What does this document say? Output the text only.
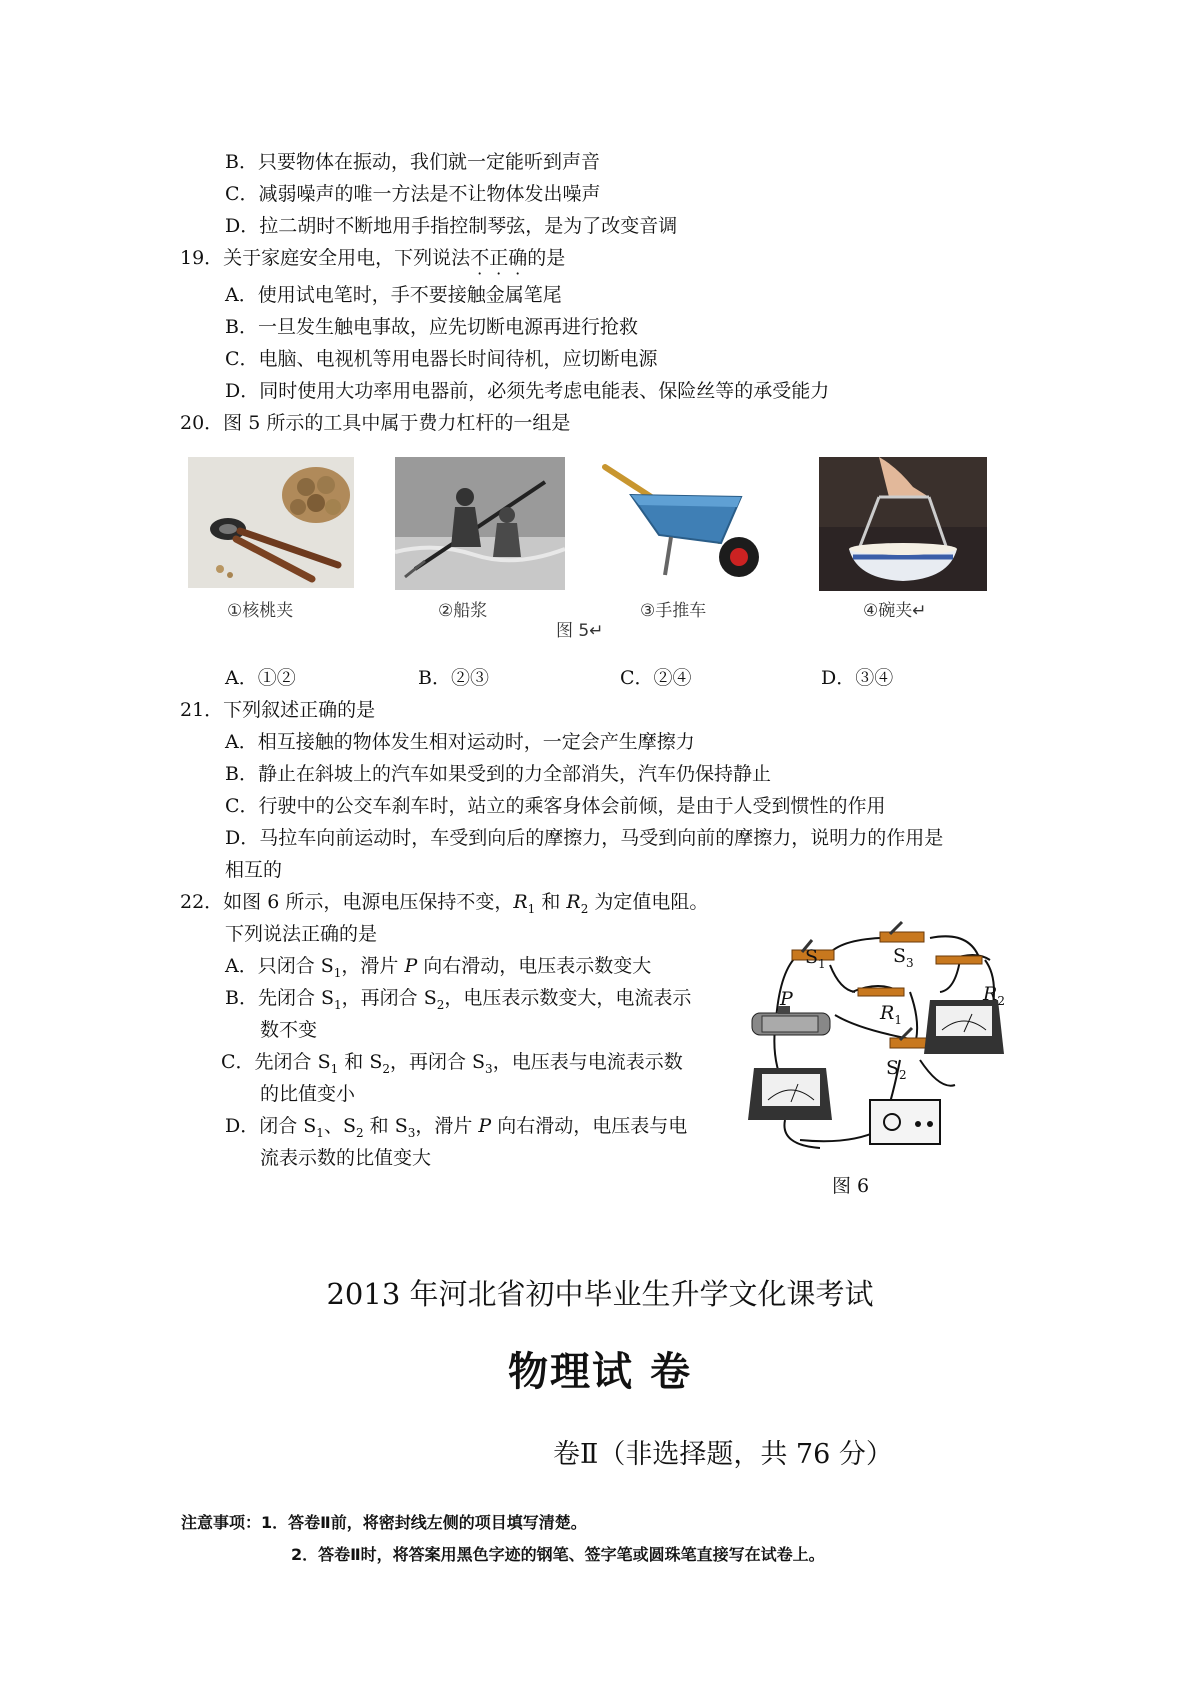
B．只要物体在振动，我们就一定能听到声音
C．减弱噪声的唯一方法是不让物体发出噪声
D．拉二胡时不断地用手指控制琴弦，是为了改变音调
19．关于家庭安全用电，下列说法不正确的是
A．使用试电笔时，手不要接触金属笔尾
B．一旦发生触电事故，应先切断电源再进行抢救
C．电脑、电视机等用电器长时间待机，应切断电源
D．同时使用大功率用电器前，必须先考虑电能表、保险丝等的承受能力
20．图 5 所示的工具中属于费力杠杆的一组是
①核桃夹	②船浆	③手推车	④碗夹↵
图 5↵
A．①②	B．②③	C．②④	D．③④
21．下列叙述正确的是
A．相互接触的物体发生相对运动时，一定会产生摩擦力
B．静止在斜坡上的汽车如果受到的力全部消失，汽车仍保持静止
C．行驶中的公交车刹车时，站立的乘客身体会前倾，是由于人受到惯性的作用
D．马拉车向前运动时，车受到向后的摩擦力，马受到向前的摩擦力，说明力的作用是
相互的
22．如图 6 所示，电源电压保持不变，$R_1$ 和 $R_2$ 为定值电阻。
下列说法正确的是
A．只闭合 $S_1$，滑片 P 向右滑动，电压表示数变大
B．先闭合 $S_1$，再闭合 $S_2$，电压表示数变大，电流表示
数不变
C．先闭合 $S_1$ 和 $S_2$，再闭合 $S_3$，电压表与电流表示数
的比值变小
D．闭合 $S_1$、$S_2$ 和 $S_3$，滑片 P 向右滑动，电压表与电
流表示数的比值变大
$S_1$	$S_3$
$R_2$
P
$R_1$
$S_2$
图 6
2013 年河北省初中毕业生升学文化课考试
物理试 卷
卷Ⅱ（非选择题，共 76 分）
注意事项：1．答卷Ⅱ前，将密封线左侧的项目填写清楚。
2．答卷Ⅱ时，将答案用黑色字迹的钢笔、签字笔或圆珠笔直接写在试卷上。
